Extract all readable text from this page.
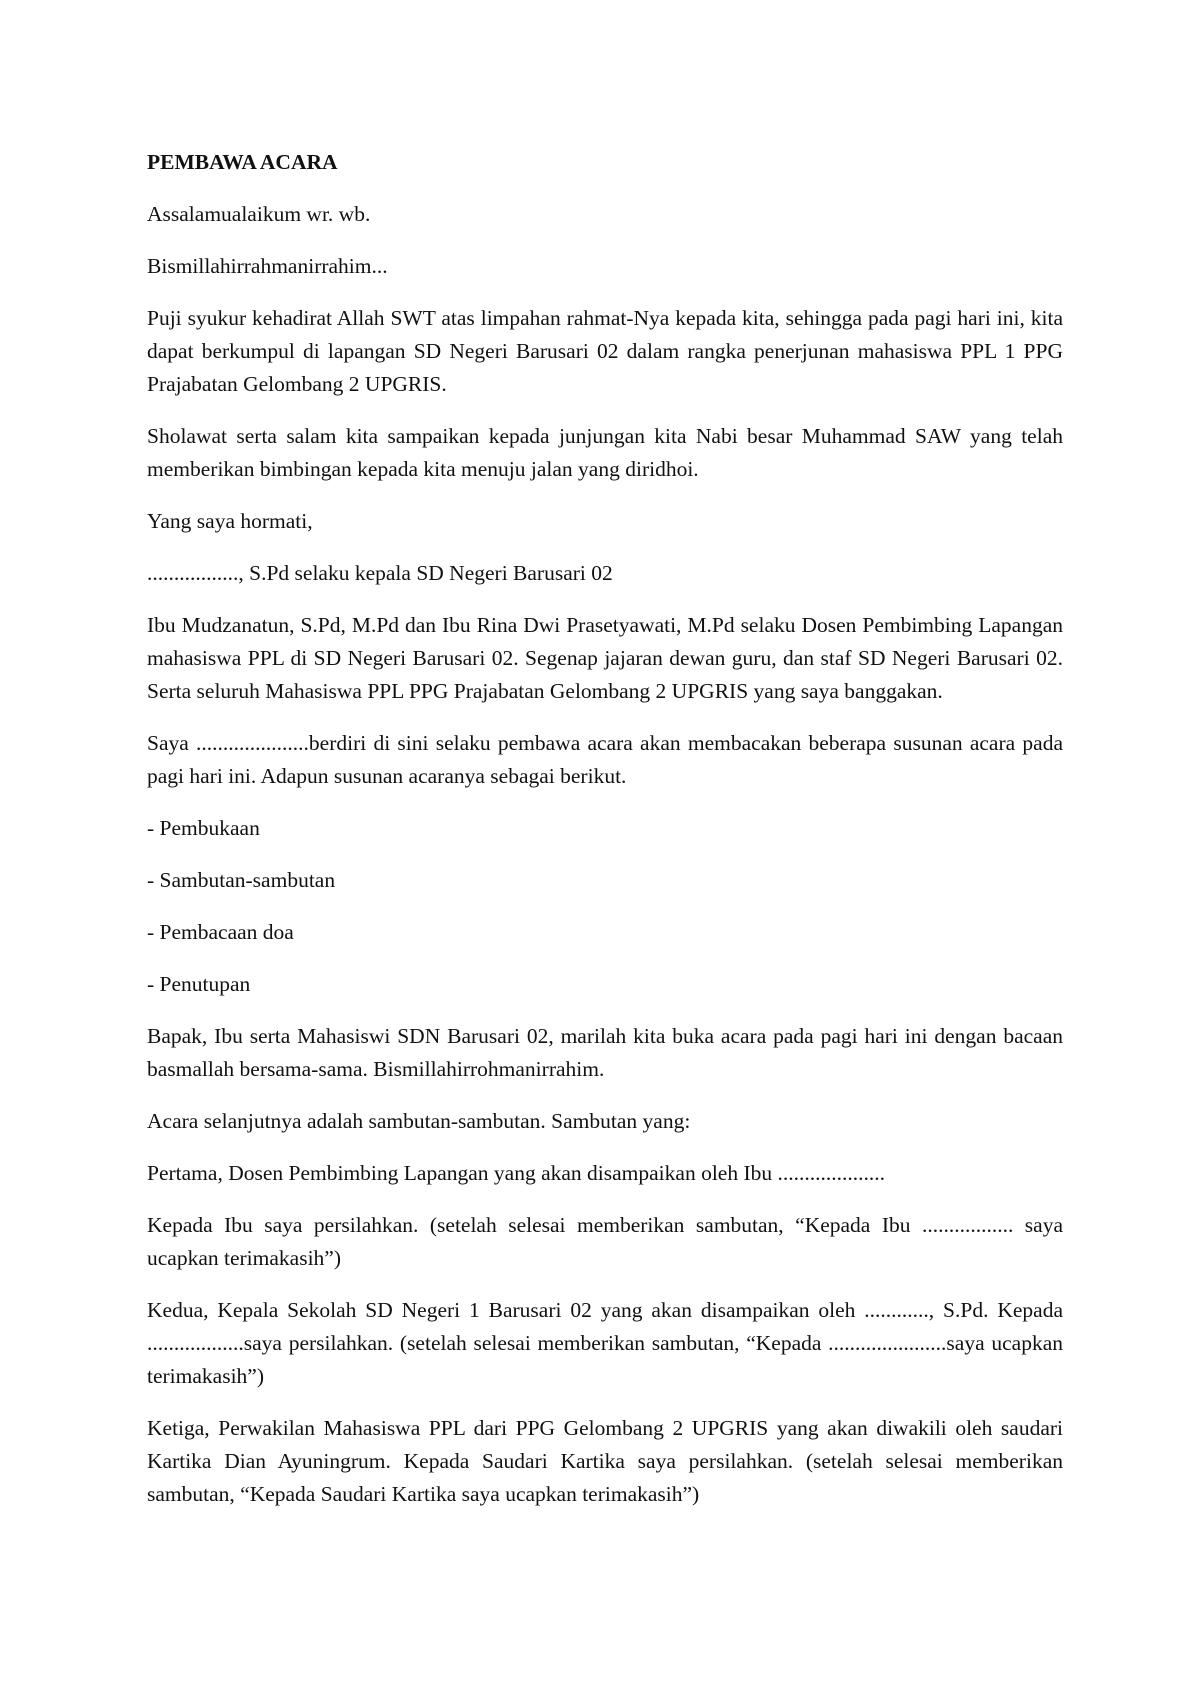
PEMBAWA ACARA

Assalamualaikum wr. wb.

Bismillahirrahmanirrahim...

Puji syukur kehadirat Allah SWT atas limpahan rahmat-Nya kepada kita, sehingga pada pagi hari ini, kita dapat berkumpul di lapangan SD Negeri Barusari 02 dalam rangka penerjunan mahasiswa PPL 1 PPG Prajabatan Gelombang 2 UPGRIS.

Sholawat serta salam kita sampaikan kepada junjungan kita Nabi besar Muhammad SAW yang telah memberikan bimbingan kepada kita menuju jalan yang diridhoi.

Yang saya hormati,

................., S.Pd selaku kepala SD Negeri Barusari 02

Ibu Mudzanatun, S.Pd, M.Pd dan Ibu Rina Dwi Prasetyawati, M.Pd selaku Dosen Pembimbing Lapangan mahasiswa PPL di SD Negeri Barusari 02. Segenap jajaran dewan guru, dan staf SD Negeri Barusari 02. Serta seluruh Mahasiswa PPL PPG Prajabatan Gelombang 2 UPGRIS yang saya banggakan.

Saya .....................berdiri di sini selaku pembawa acara akan membacakan beberapa susunan acara pada pagi hari ini. Adapun susunan acaranya sebagai berikut.

- Pembukaan
- Sambutan-sambutan
- Pembacaan doa
- Penutupan

Bapak, Ibu serta Mahasiswi SDN Barusari 02, marilah kita buka acara pada pagi hari ini dengan bacaan basmallah bersama-sama. Bismillahirrohmanirrahim.

Acara selanjutnya adalah sambutan-sambutan. Sambutan yang:

Pertama, Dosen Pembimbing Lapangan yang akan disampaikan oleh Ibu ....................

Kepada Ibu saya persilahkan. (setelah selesai memberikan sambutan, “Kepada Ibu ................. saya ucapkan terimakasih”)

Kedua, Kepala Sekolah SD Negeri 1 Barusari 02 yang akan disampaikan oleh ............, S.Pd. Kepada ..................saya persilahkan. (setelah selesai memberikan sambutan, “Kepada ......................saya ucapkan terimakasih”)

Ketiga, Perwakilan Mahasiswa PPL dari PPG Gelombang 2 UPGRIS yang akan diwakili oleh saudari Kartika Dian Ayuningrum. Kepada Saudari Kartika saya persilahkan. (setelah selesai memberikan sambutan, “Kepada Saudari Kartika saya ucapkan terimakasih”)
